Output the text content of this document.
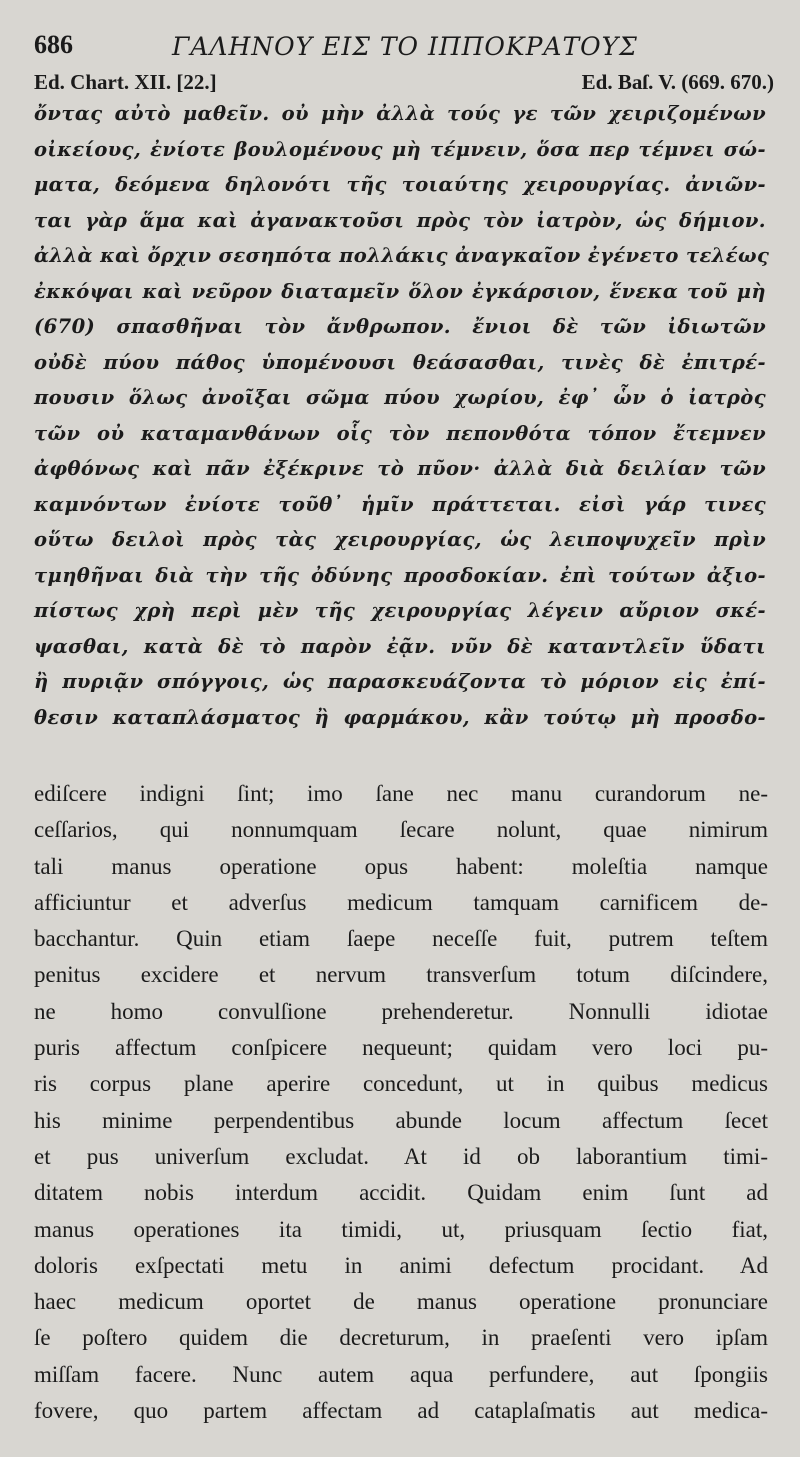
686	ΓΑΛΗΝΟΥ ΕΙΣ ΤΟ ΙΠΠΟΚΡΑΤΟΥΣ
Ed. Chart. XII. [22.]	Ed. Baſ. V. (669. 670.)
ὄντας αὐτὸ μαθεῖν. οὐ μὴν ἀλλὰ τούς γε τῶν χειριζομένων
οἰκείους, ἐνίοτε βουλομένους μὴ τέμνειν, ὅσα περ τέμνει σώ-
ματα, δεόμενα δηλονότι τῆς τοιαύτης χειρουργίας. ἀνιῶν-
ται γὰρ ἅμα καὶ ἀγανακτοῦσι πρὸς τὸν ἰατρὸν, ὡς δήμιον.
ἀλλὰ καὶ ὄρχιν σεσηπότα πολλάκις ἀναγκαῖον ἐγένετο τελέως
ἐκκόψαι καὶ νεῦρον διαταμεῖν ὅλον ἐγκάρσιον, ἕνεκα τοῦ μὴ
(670) σπασθῆναι τὸν ἄνθρωπον. ἔνιοι δὲ τῶν ἰδιωτῶν
οὐδὲ πύου πάθος ὑπομένουσι θεάσασθαι, τινὲς δὲ ἐπιτρέ-
πουσιν ὅλως ἀνοῖξαι σῶμα πύου χωρίου, ἐφ᾽ ὧν ὁ ἰατρὸς
τῶν οὐ καταμανθάνων οἷς τὸν πεπονθότα τόπον ἔτεμνεν
ἀφθόνως καὶ πᾶν ἐξέκρινε τὸ πῦον· ἀλλὰ διὰ δειλίαν τῶν
καμνόντων ἐνίοτε τοῦθ᾽ ἡμῖν πράττεται. εἰσὶ γάρ τινες
οὕτω δειλοὶ πρὸς τὰς χειρουργίας, ὡς λειποψυχεῖν πρὶν
τμηθῆναι διὰ τὴν τῆς ὀδύνης προσδοκίαν. ἐπὶ τούτων ἀξιο-
πίστως χρὴ περὶ μὲν τῆς χειρουργίας λέγειν αὔριον σκέ-
ψασθαι, κατὰ δὲ τὸ παρὸν ἐᾷν. νῦν δὲ καταντλεῖν ὕδατι
ἢ πυριᾷν σπόγγοις, ὡς παρασκευάζοντα τὸ μόριον εἰς ἐπί-
θεσιν καταπλάσματος ἢ φαρμάκου, κἂν τούτῳ μὴ προσδο-
ediſcere indigni ſint; imo ſane nec manu curandorum ne-
ceſſarios, qui nonnumquam ſecare nolunt, quae nimirum
tali manus operatione opus habent: moleſtia namque
afficiuntur et adverſus medicum tamquam carnificem de-
bacchantur. Quin etiam ſaepe neceſſe fuit, putrem teſtem
penitus excidere et nervum transverſum totum diſcindere,
ne homo convulſione prehenderetur. Nonnulli idiotae
puris affectum conſpicere nequeunt; quidam vero loci pu-
ris corpus plane aperire concedunt, ut in quibus medicus
his minime perpendentibus abunde locum affectum ſecet
et pus univerſum excludat. At id ob laborantium timi-
ditatem nobis interdum accidit. Quidam enim ſunt ad
manus operationes ita timidi, ut, priusquam ſectio fiat,
doloris exſpectati metu in animi defectum procidant. Ad
haec medicum oportet de manus operatione pronunciare
ſe poſtero quidem die decreturum, in praeſenti vero ipſam
miſſam facere. Nunc autem aqua perfundere, aut ſpongiis
fovere, quo partem affectam ad cataplaſmatis aut medica-
